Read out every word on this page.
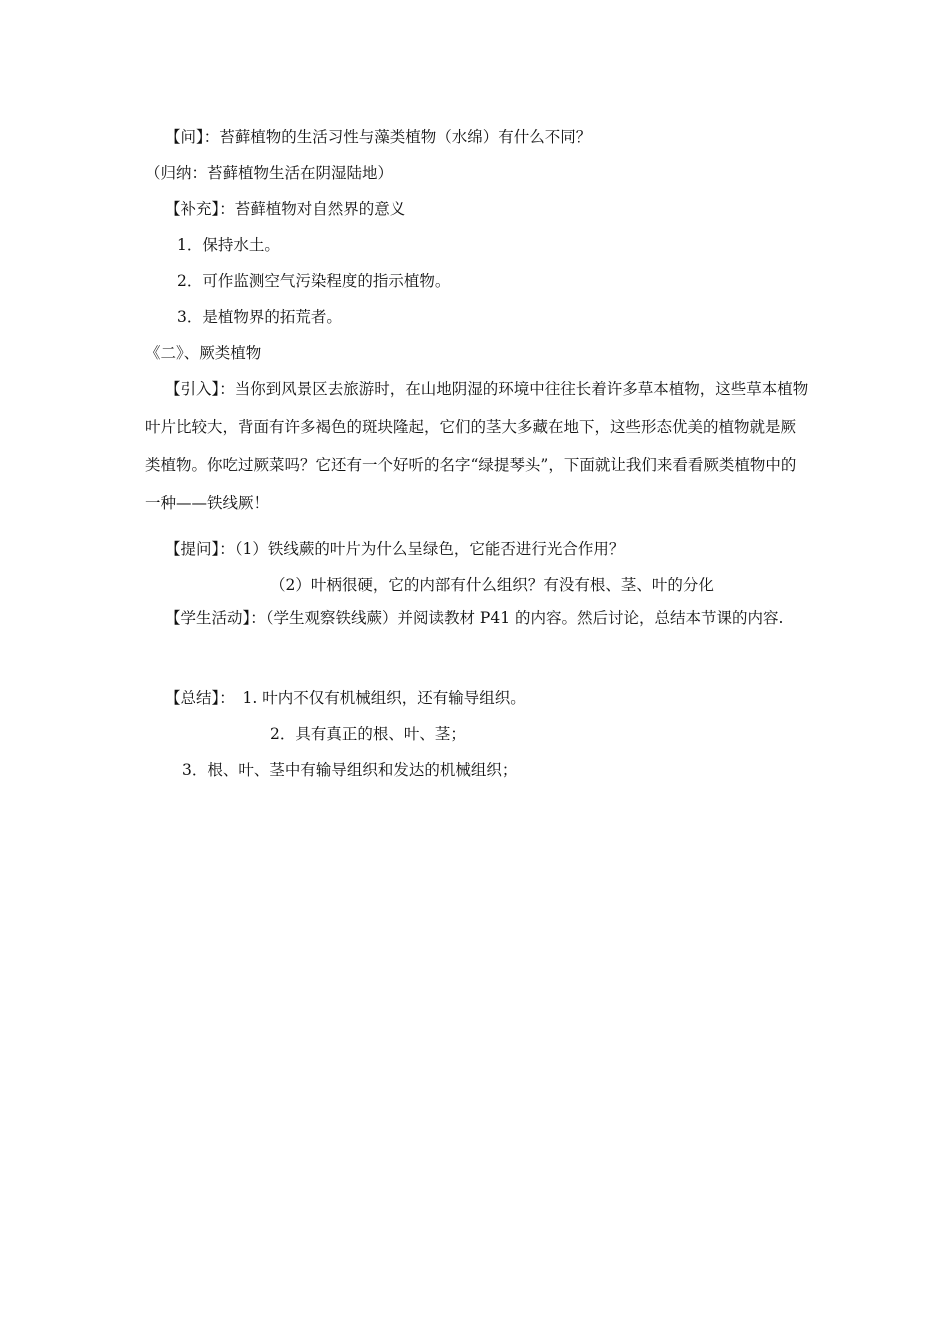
【问】：苔藓植物的生活习性与藻类植物（水绵）有什么不同？
（归纳：苔藓植物生活在阴湿陆地）
【补充】：苔藓植物对自然界的意义
1．保持水土。
2．可作监测空气污染程度的指示植物。
3．是植物界的拓荒者。
《二》、厥类植物
【引入】：当你到风景区去旅游时，在山地阴湿的环境中往往长着许多草本植物，这些草本植物叶片比较大，背面有许多褐色的斑块隆起，它们的茎大多藏在地下，这些形态优美的植物就是厥类植物。你吃过厥菜吗？它还有一个好听的名字“绿提琴头”，下面就让我们来看看厥类植物中的一种——铁线厥！
【提问】：（1）铁线蕨的叶片为什么呈绿色，它能否进行光合作用？
（2）叶柄很硬，它的内部有什么组织？有没有根、茎、叶的分化
【学生活动】：（学生观察铁线蕨）并阅读教材 P41 的内容。然后讨论，总结本节课的内容.
【总结】：　1. 叶内不仅有机械组织，还有输导组织。
2．具有真正的根、叶、茎；
3．根、叶、茎中有输导组织和发达的机械组织；
